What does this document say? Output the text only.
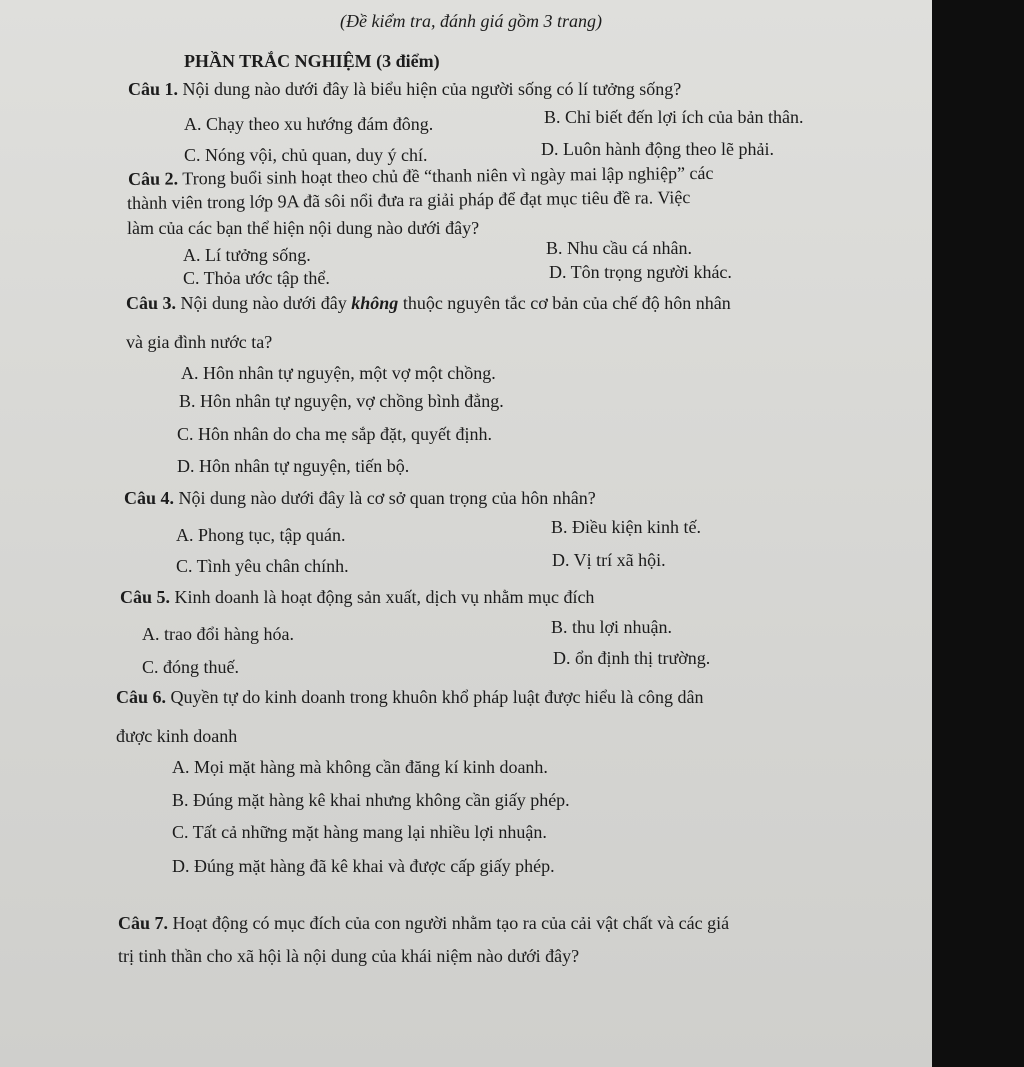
(Đề kiểm tra, đánh giá gồm 3 trang)
PHẦN TRẮC NGHIỆM (3 điểm)
Câu 1. Nội dung nào dưới đây là biểu hiện của người sống có lí tưởng sống?
A. Chạy theo xu hướng đám đông.	B. Chỉ biết đến lợi ích của bản thân.
C. Nóng vội, chủ quan, duy ý chí.	D. Luôn hành động theo lẽ phải.
Câu 2. Trong buổi sinh hoạt theo chủ đề “thanh niên vì ngày mai lập nghiệp” các
thành viên trong lớp 9A đã sôi nổi đưa ra giải pháp để đạt mục tiêu đề ra. Việc
làm của các bạn thể hiện nội dung nào dưới đây?
A. Lí tưởng sống.	B. Nhu cầu cá nhân.
C. Thỏa ước tập thể.	D. Tôn trọng người khác.
Câu 3. Nội dung nào dưới đây không thuộc nguyên tắc cơ bản của chế độ hôn nhân
và gia đình nước ta?
A. Hôn nhân tự nguyện, một vợ một chồng.
B. Hôn nhân tự nguyện, vợ chồng bình đẳng.
C. Hôn nhân do cha mẹ sắp đặt, quyết định.
D. Hôn nhân tự nguyện, tiến bộ.
Câu 4. Nội dung nào dưới đây là cơ sở quan trọng của hôn nhân?
A. Phong tục, tập quán.	B. Điều kiện kinh tế.
C. Tình yêu chân chính.	D. Vị trí xã hội.
Câu 5. Kinh doanh là hoạt động sản xuất, dịch vụ nhằm mục đích
A. trao đổi hàng hóa.	B. thu lợi nhuận.
C. đóng thuế.	D. ổn định thị trường.
Câu 6. Quyền tự do kinh doanh trong khuôn khổ pháp luật được hiểu là công dân
được kinh doanh
A. Mọi mặt hàng mà không cần đăng kí kinh doanh.
B. Đúng mặt hàng kê khai nhưng không cần giấy phép.
C. Tất cả những mặt hàng mang lại nhiều lợi nhuận.
D. Đúng mặt hàng đã kê khai và được cấp giấy phép.
Câu 7. Hoạt động có mục đích của con người nhằm tạo ra của cải vật chất và các giá
trị tinh thần cho xã hội là nội dung của khái niệm nào dưới đây?
